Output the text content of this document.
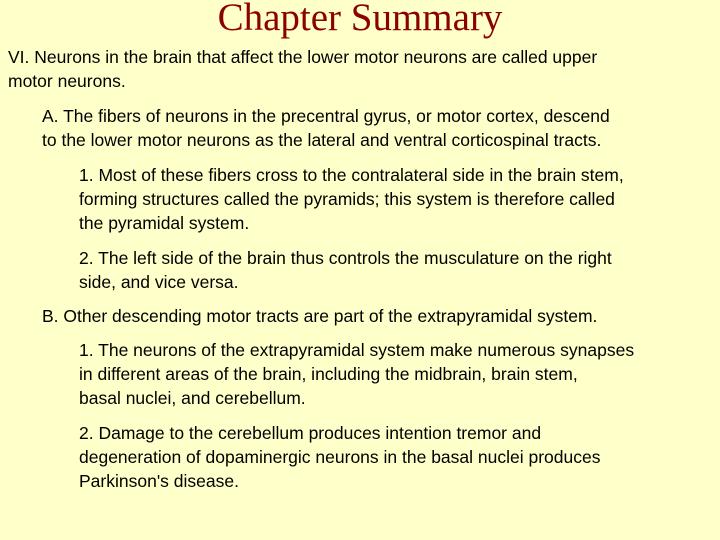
Chapter Summary
VI. Neurons in the brain that affect the lower motor neurons are called upper
motor neurons.
A. The fibers of neurons in the precentral gyrus, or motor cortex, descend
to the lower motor neurons as the lateral and ventral corticospinal tracts.
1. Most of these fibers cross to the contralateral side in the brain stem,
forming structures called the pyramids; this system is therefore called
the pyramidal system.
2. The left side of the brain thus controls the musculature on the right
side, and vice versa.
B. Other descending motor tracts are part of the extrapyramidal system.
1. The neurons of the extrapyramidal system make numerous synapses
in different areas of the brain, including the midbrain, brain stem,
basal nuclei, and cerebellum.
2. Damage to the cerebellum produces intention tremor and
degeneration of dopaminergic neurons in the basal nuclei produces
Parkinson's disease.
